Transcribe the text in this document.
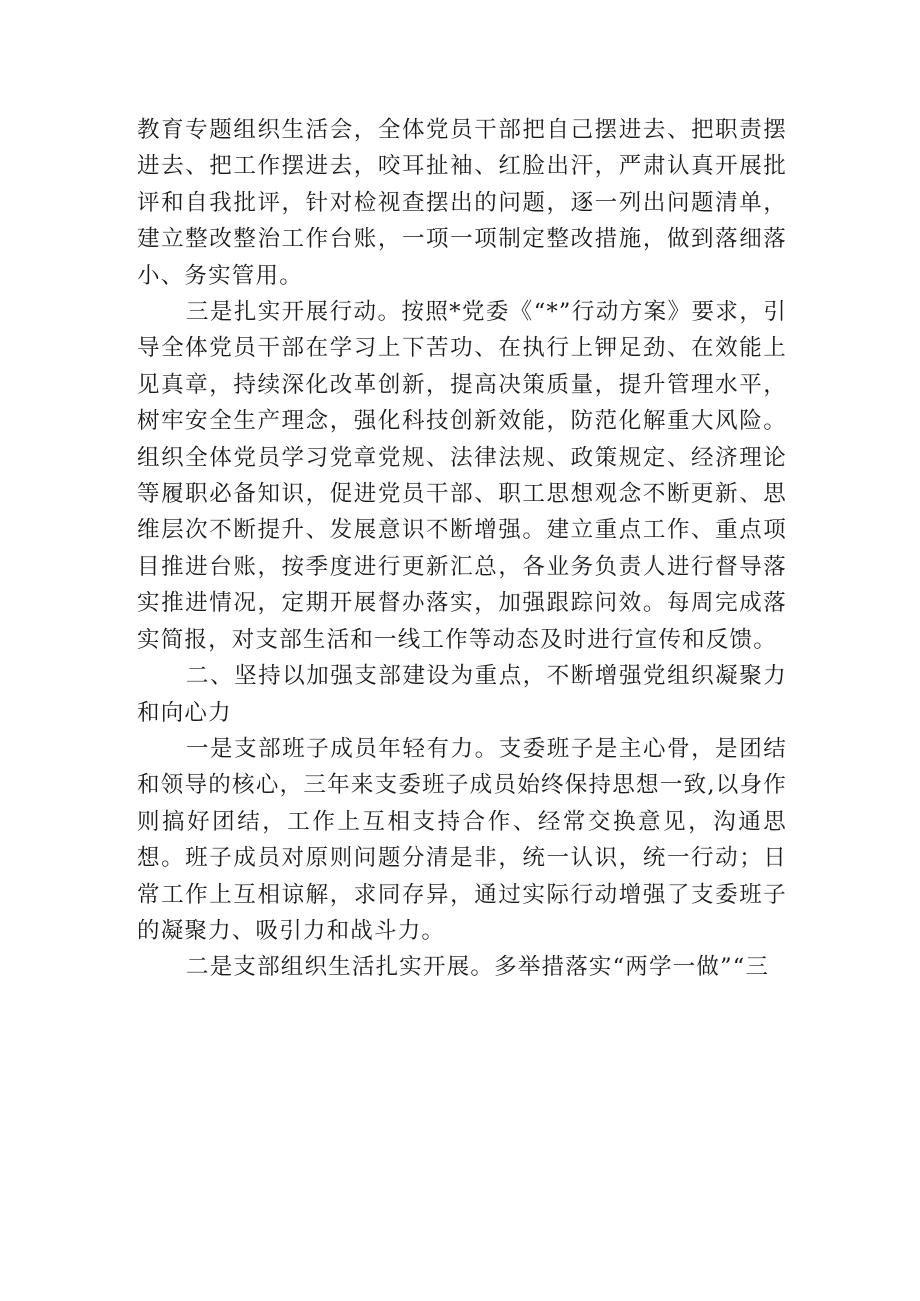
教育专题组织生活会，全体党员干部把自己摆进去、把职责摆进去、把工作摆进去，咬耳扯袖、红脸出汗，严肃认真开展批评和自我批评，针对检视查摆出的问题，逐一列出问题清单，建立整改整治工作台账，一项一项制定整改措施，做到落细落小、务实管用。

三是扎实开展行动。按照*党委《“*”行动方案》要求，引导全体党员干部在学习上下苦功、在执行上钾足劲、在效能上见真章，持续深化改革创新，提高决策质量，提升管理水平，树牢安全生产理念，强化科技创新效能，防范化解重大风险。组织全体党员学习党章党规、法律法规、政策规定、经济理论等履职必备知识，促进党员干部、职工思想观念不断更新、思维层次不断提升、发展意识不断增强。建立重点工作、重点项目推进台账，按季度进行更新汇总，各业务负责人进行督导落实推进情况，定期开展督办落实，加强跟踪问效。每周完成落实简报，对支部生活和一线工作等动态及时进行宣传和反馈。

二、坚持以加强支部建设为重点，不断增强党组织凝聚力和向心力

一是支部班子成员年轻有力。支委班子是主心骨，是团结和领导的核心，三年来支委班子成员始终保持思想一致,以身作则搞好团结，工作上互相支持合作、经常交换意见，沟通思想。班子成员对原则问题分清是非，统一认识，统一行动；日常工作上互相谅解，求同存异，通过实际行动增强了支委班子的凝聚力、吸引力和战斗力。

二是支部组织生活扎实开展。多举措落实“两学一做”“三
